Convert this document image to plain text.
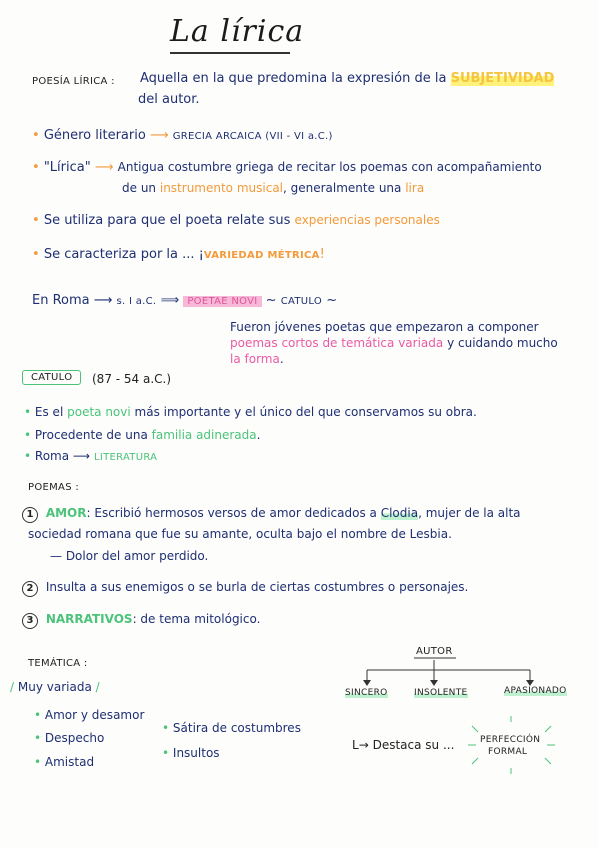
La lírica
POESÍA LÍRICA : Aquella en la que predomina la expresión de la SUBJETIVIDAD
del autor.
• Género literario ⟶ GRECIA ARCAICA (VII - VI a.C.)
• "Lírica" ⟶ Antigua costumbre griega de recitar los poemas con acompañamiento
de un instrumento musical, generalmente una lira
• Se utiliza para que el poeta relate sus experiencias personales
• Se caracteriza por la ... ¡VARIEDAD MÉTRICA!
En Roma ⟶ s. I a.C. ⟹ POETAE NOVI ~ CATULO ~
Fueron jóvenes poetas que empezaron a componer
poemas cortos de temática variada y cuidando mucho
la forma.
CATULO	(87 - 54 a.C.)
• Es el poeta novi más importante y el único del que conservamos su obra.
• Procedente de una familia adinerada.
• Roma ⟶ LITERATURA
POEMAS :
1 AMOR: Escribió hermosos versos de amor dedicados a Clodia, mujer de la alta
sociedad romana que fue su amante, oculta bajo el nombre de Lesbia.
— Dolor del amor perdido.
2 Insulta a sus enemigos o se burla de ciertas costumbres o personajes.
3 NARRATIVOS: de tema mitológico.
TEMÁTICA :
/ Muy variada /
• Amor y desamor
• Despecho
• Amistad
• Sátira de costumbres
• Insultos
AUTOR
SINCERO	INSOLENTE	APASIONADO
L→ Destaca su ...	PERFECCIÓN
FORMAL
